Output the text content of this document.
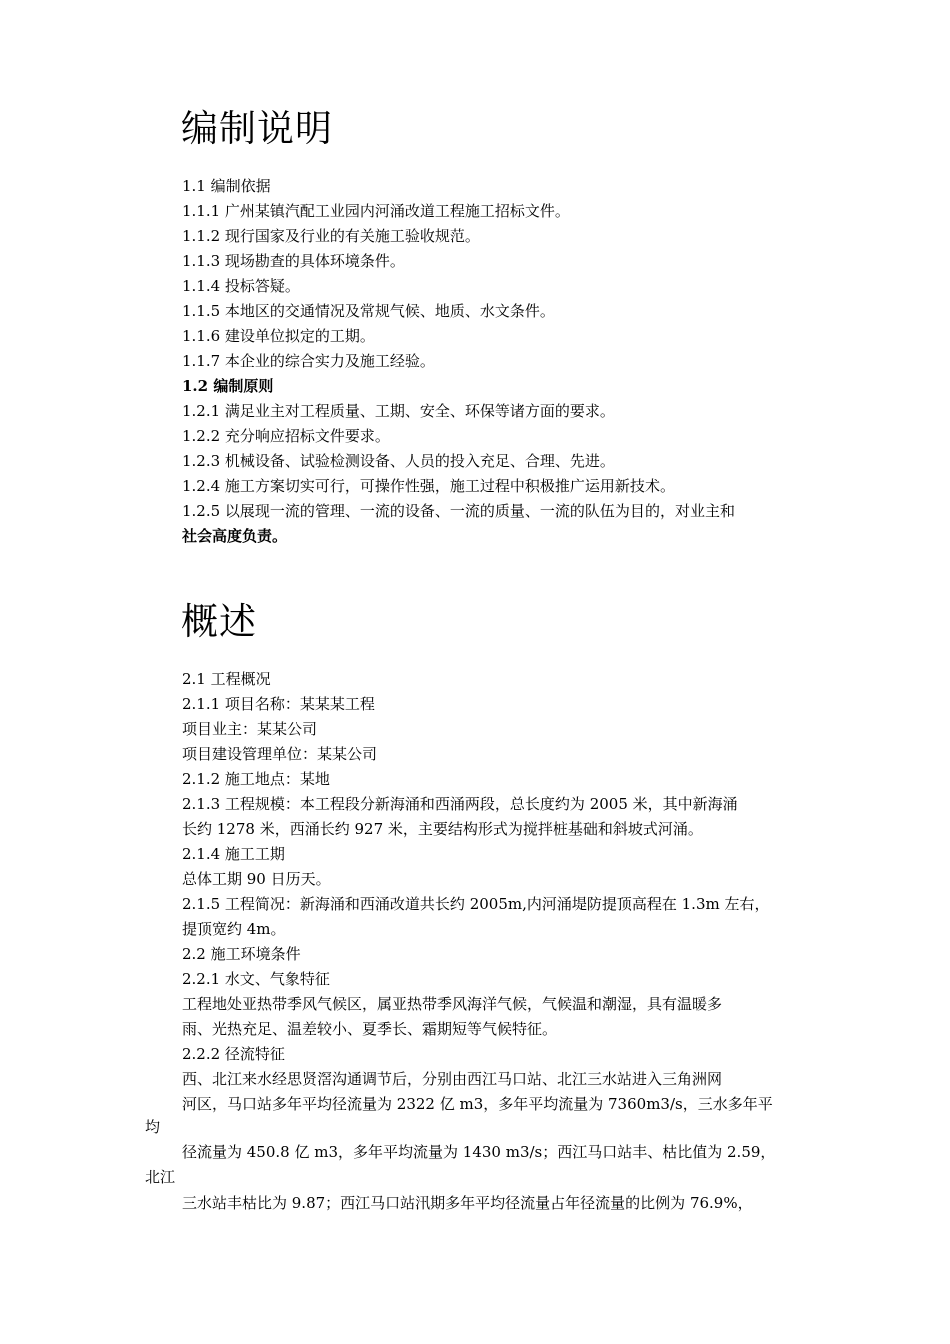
编制说明

1.1 编制依据

1.1.1 广州某镇汽配工业园内河涌改道工程施工招标文件。

1.1.2 现行国家及行业的有关施工验收规范。

1.1.3 现场勘查的具体环境条件。

1.1.4 投标答疑。

1.1.5 本地区的交通情况及常规气候、地质、水文条件。

1.1.6 建设单位拟定的工期。

1.1.7 本企业的综合实力及施工经验。

1.2 编制原则

1.2.1 满足业主对工程质量、工期、安全、环保等诸方面的要求。

1.2.2 充分响应招标文件要求。

1.2.3 机械设备、试验检测设备、人员的投入充足、合理、先进。

1.2.4 施工方案切实可行，可操作性强，施工过程中积极推广运用新技术。

1.2.5 以展现一流的管理、一流的设备、一流的质量、一流的队伍为目的，对业主和

社会高度负责。

概述

2.1 工程概况

2.1.1 项目名称：某某某工程

项目业主：某某公司

项目建设管理单位：某某公司

2.1.2 施工地点：某地

2.1.3 工程规模：本工程段分新海涌和西涌两段，总长度约为 2005 米，其中新海涌

长约 1278 米，西涌长约 927 米，主要结构形式为搅拌桩基础和斜坡式河涌。

2.1.4 施工工期

总体工期 90 日历天。

2.1.5 工程简况：新海涌和西涌改道共长约 2005m,内河涌堤防提顶高程在 1.3m 左右，

提顶宽约 4m。

2.2 施工环境条件

2.2.1 水文、气象特征

工程地处亚热带季风气候区，属亚热带季风海洋气候，气候温和潮湿，具有温暖多

雨、光热充足、温差较小、夏季长、霜期短等气候特征。

2.2.2 径流特征

西、北江来水经思贤滘沟通调节后，分别由西江马口站、北江三水站进入三角洲网

河区，马口站多年平均径流量为 2322 亿 m3，多年平均流量为 7360m3/s，三水多年平

均

径流量为 450.8 亿 m3，多年平均流量为 1430 m3/s；西江马口站丰、枯比值为 2.59，

北江

三水站丰枯比为 9.87；西江马口站汛期多年平均径流量占年径流量的比例为 76.9%，
